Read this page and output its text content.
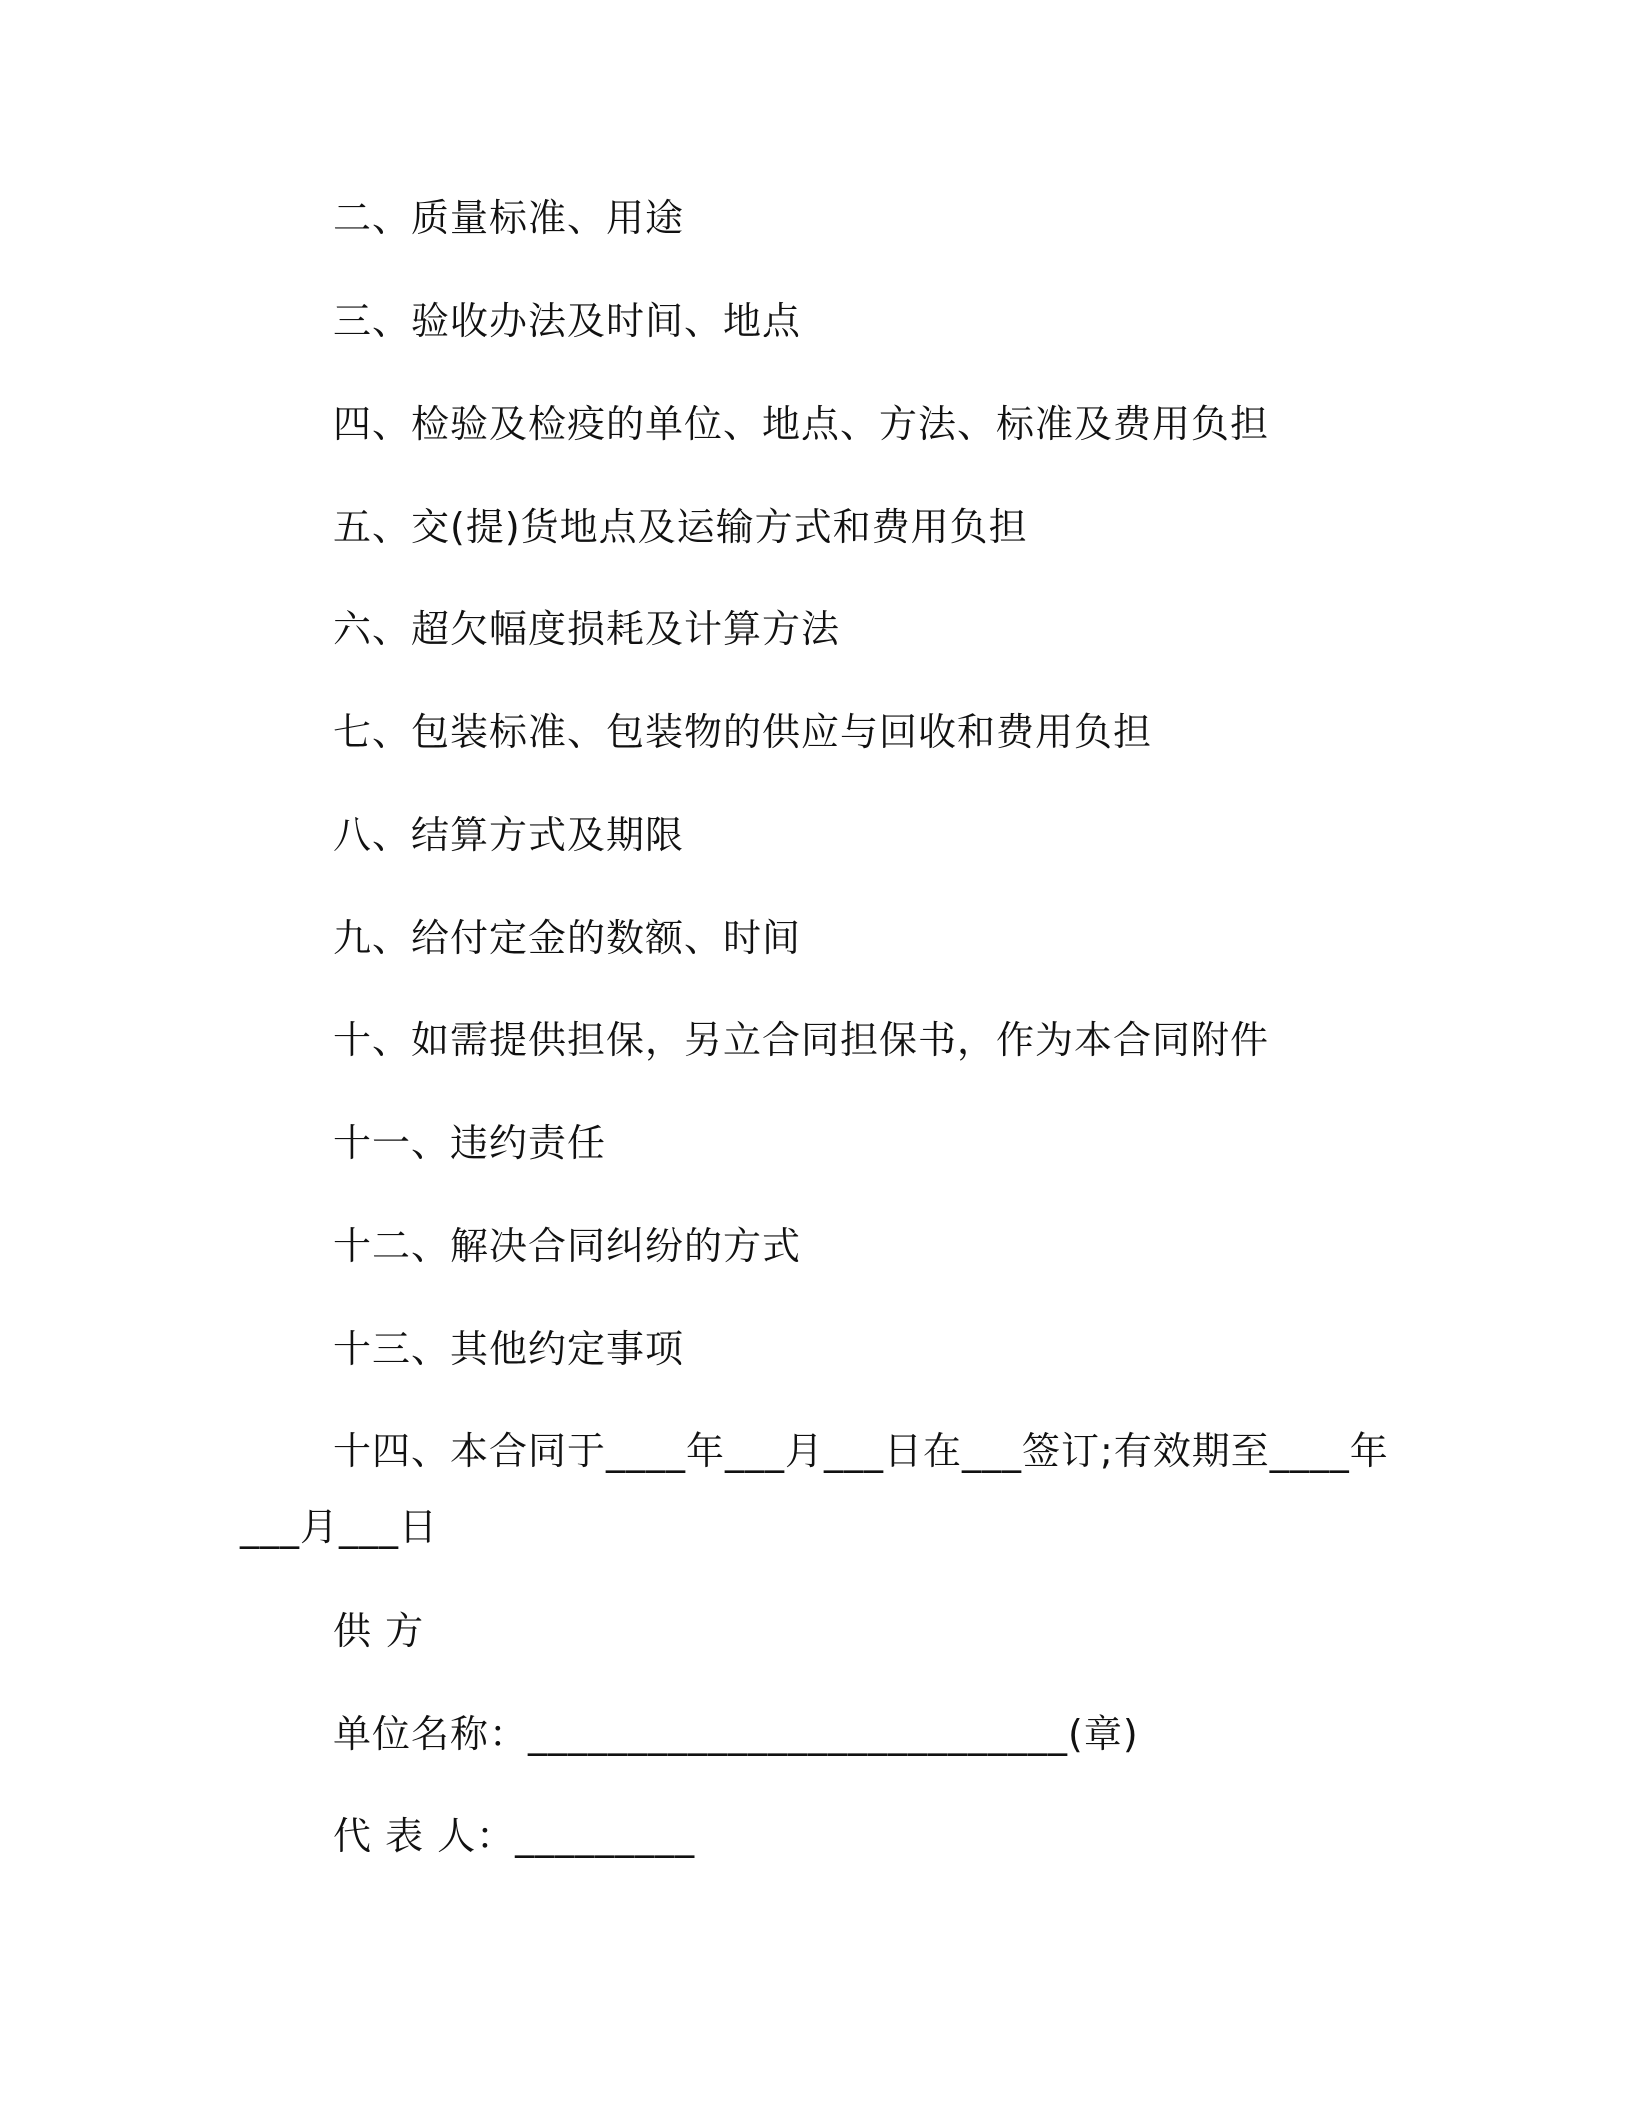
二、质量标准、用途
三、验收办法及时间、地点
四、检验及检疫的单位、地点、方法、标准及费用负担
五、交(提)货地点及运输方式和费用负担
六、超欠幅度损耗及计算方法
七、包装标准、包装物的供应与回收和费用负担
八、结算方式及期限
九、给付定金的数额、时间
十、如需提供担保，另立合同担保书，作为本合同附件
十一、违约责任
十二、解决合同纠纷的方式
十三、其他约定事项
十四、本合同于____年___月___日在___签订;有效期至____年
___月___日
供 方
单位名称：___________________________(章)
代 表 人：_________
